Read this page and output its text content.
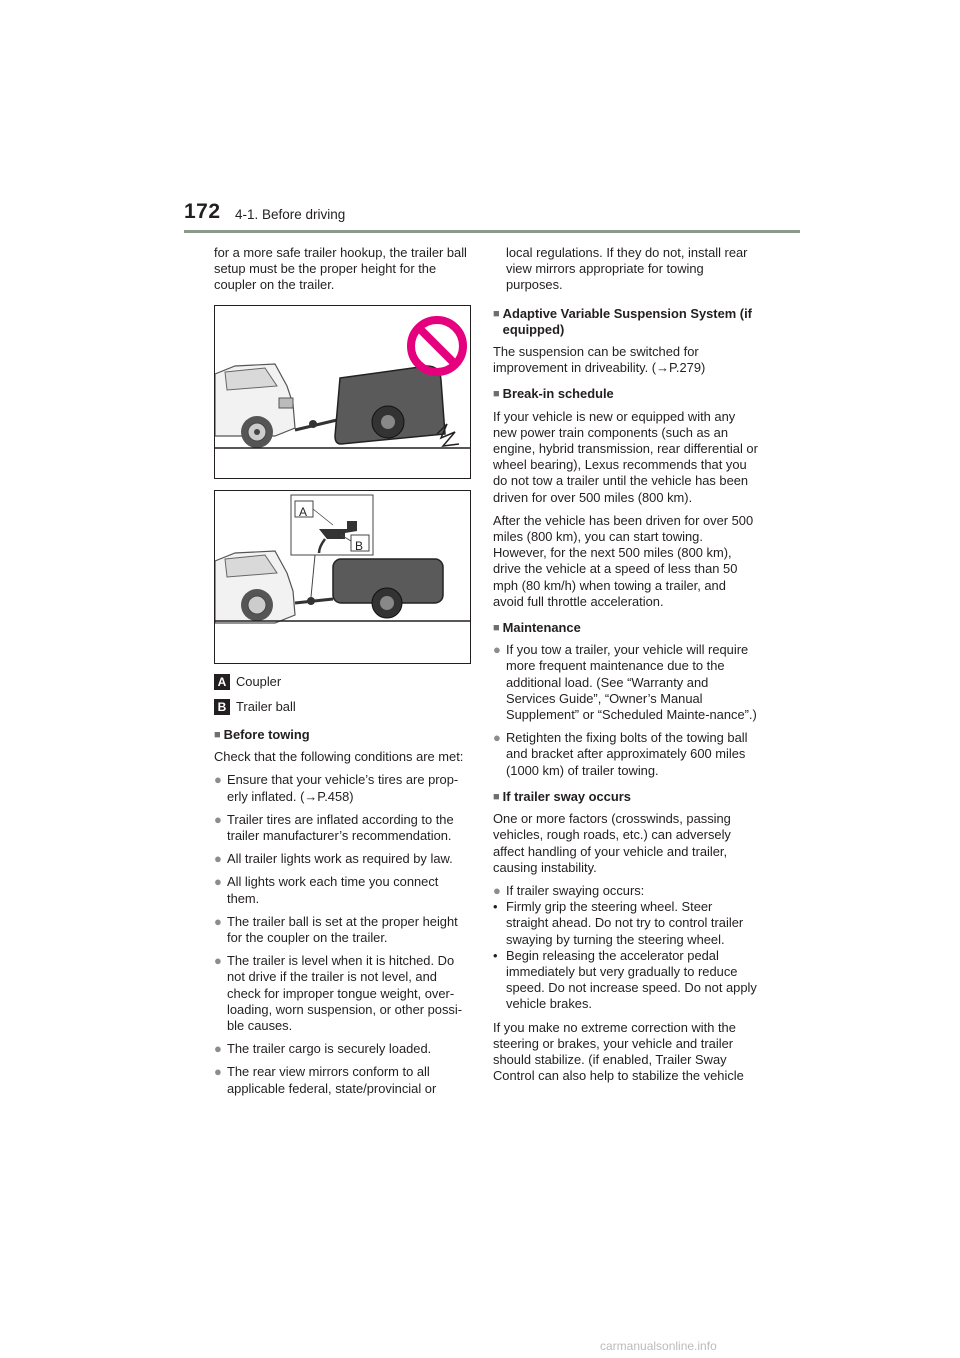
172 4-1. Before driving

for a more safe trailer hookup, the trailer ball setup must be the proper height for the coupler on the trailer.

A
B
A Coupler
B Trailer ball
■ Before towing

Check that the following conditions are met:

● Ensure that your vehicle’s tires are prop-erly inflated. (→P.458)
● Trailer tires are inflated according to the trailer manufacturer’s recommendation.
● All trailer lights work as required by law.
● All lights work each time you connect them.
● The trailer ball is set at the proper height for the coupler on the trailer.
● The trailer is level when it is hitched. Do not drive if the trailer is not level, and check for improper tongue weight, over-loading, worn suspension, or other possi-ble causes.
● The trailer cargo is securely loaded.
● The rear view mirrors conform to all applicable federal, state/provincial or
local regulations. If they do not, install rear view mirrors appropriate for towing purposes.
■ Adaptive Variable Suspension System (if equipped)

The suspension can be switched for improvement in driveability. (→P.279)

■ Break-in schedule

If your vehicle is new or equipped with any new power train components (such as an engine, hybrid transmission, rear differential or wheel bearing), Lexus recommends that you do not tow a trailer until the vehicle has been driven for over 500 miles (800 km).

After the vehicle has been driven for over 500 miles (800 km), you can start towing. However, for the next 500 miles (800 km), drive the vehicle at a speed of less than 50 mph (80 km/h) when towing a trailer, and avoid full throttle acceleration.

■ Maintenance
● If you tow a trailer, your vehicle will require more frequent maintenance due to the additional load. (See “Warranty and Services Guide”, “Owner’s Manual Supplement” or “Scheduled Mainte-nance”.)
● Retighten the fixing bolts of the towing ball and bracket after approximately 600 miles (1000 km) of trailer towing.
■ If trailer sway occurs

One or more factors (crosswinds, passing vehicles, rough roads, etc.) can adversely affect handling of your vehicle and trailer, causing instability.

● If trailer swaying occurs:
• Firmly grip the steering wheel. Steer straight ahead. Do not try to control trailer swaying by turning the steering wheel.
• Begin releasing the accelerator pedal immediately but very gradually to reduce speed. Do not increase speed. Do not apply vehicle brakes.

If you make no extreme correction with the steering or brakes, your vehicle and trailer should stabilize. (if enabled, Trailer Sway Control can also help to stabilize the vehicle

carmanualsonline.info
